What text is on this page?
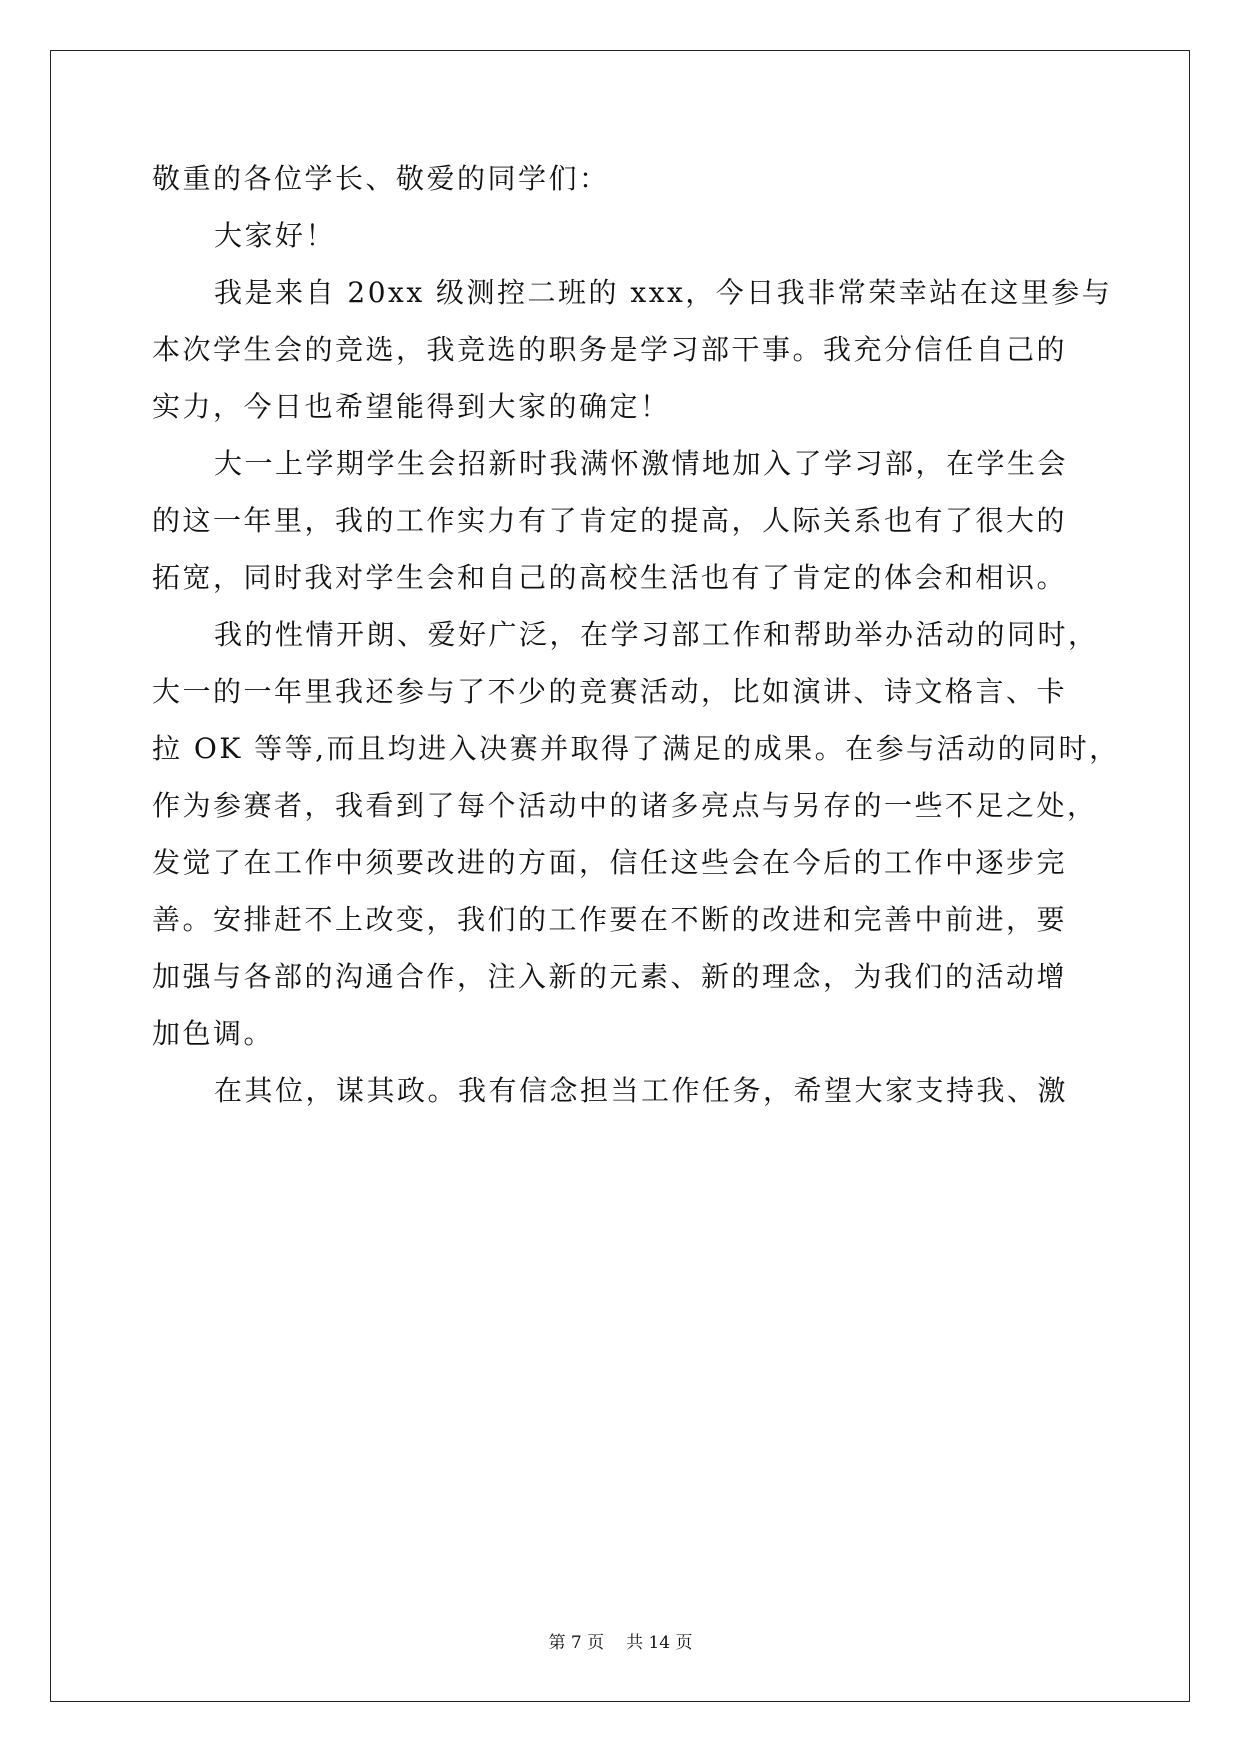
敬重的各位学长、敬爱的同学们：
大家好！
我是来自 20xx 级测控二班的 xxx，今日我非常荣幸站在这里参与
本次学生会的竞选，我竞选的职务是学习部干事。我充分信任自己的
实力，今日也希望能得到大家的确定！
大一上学期学生会招新时我满怀激情地加入了学习部，在学生会
的这一年里，我的工作实力有了肯定的提高，人际关系也有了很大的
拓宽，同时我对学生会和自己的高校生活也有了肯定的体会和相识。
我的性情开朗、爱好广泛，在学习部工作和帮助举办活动的同时，
大一的一年里我还参与了不少的竞赛活动，比如演讲、诗文格言、卡
拉 OK 等等,而且均进入决赛并取得了满足的成果。在参与活动的同时，
作为参赛者，我看到了每个活动中的诸多亮点与另存的一些不足之处，
发觉了在工作中须要改进的方面，信任这些会在今后的工作中逐步完
善。安排赶不上改变，我们的工作要在不断的改进和完善中前进，要
加强与各部的沟通合作，注入新的元素、新的理念，为我们的活动增
加色调。
在其位，谋其政。我有信念担当工作任务，希望大家支持我、激
第 7 页 共 14 页
